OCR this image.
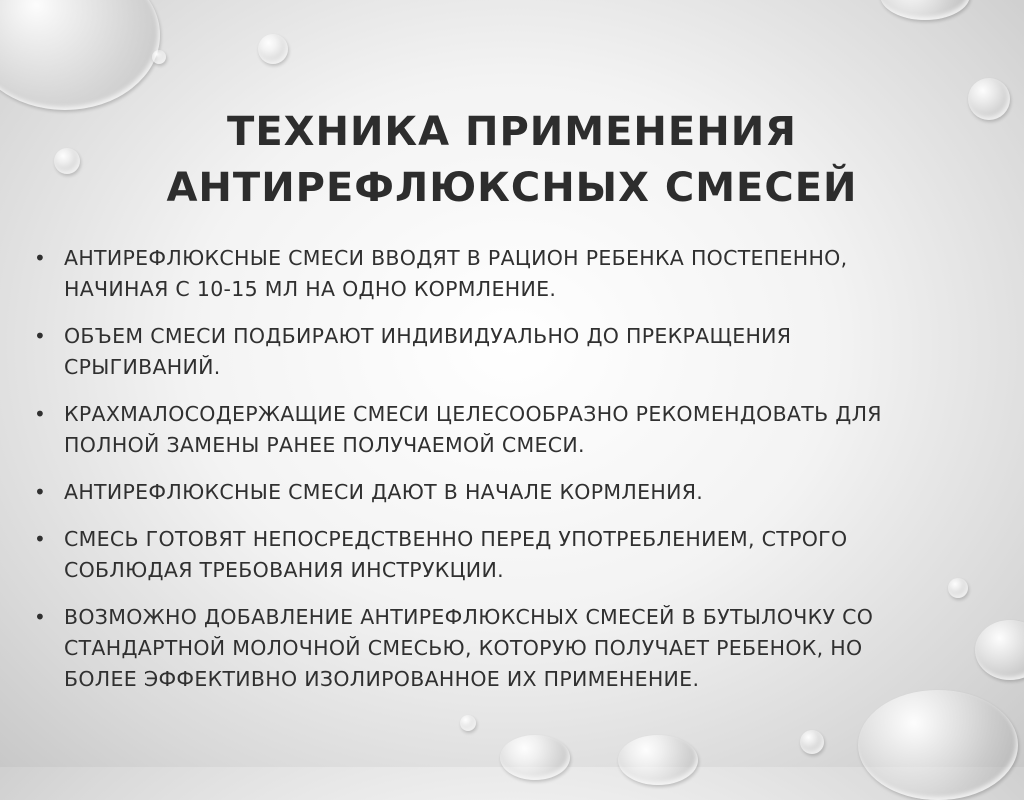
ТЕХНИКА ПРИМЕНЕНИЯ
АНТИРЕФЛЮКСНЫХ СМЕСЕЙ
• АНТИРЕФЛЮКСНЫЕ СМЕСИ ВВОДЯТ В РАЦИОН РЕБЕНКА ПОСТЕПЕННО, НАЧИНАЯ С 10-15 МЛ НА ОДНО КОРМЛЕНИЕ.
• ОБЪЕМ СМЕСИ ПОДБИРАЮТ ИНДИВИДУАЛЬНО ДО ПРЕКРАЩЕНИЯ СРЫГИВАНИЙ.
• КРАХМАЛОСОДЕРЖАЩИЕ СМЕСИ ЦЕЛЕСООБРАЗНО РЕКОМЕНДОВАТЬ ДЛЯ ПОЛНОЙ ЗАМЕНЫ РАНЕЕ ПОЛУЧАЕМОЙ СМЕСИ.
• АНТИРЕФЛЮКСНЫЕ СМЕСИ ДАЮТ В НАЧАЛЕ КОРМЛЕНИЯ.
• СМЕСЬ ГОТОВЯТ НЕПОСРЕДСТВЕННО ПЕРЕД УПОТРЕБЛЕНИЕМ, СТРОГО СОБЛЮДАЯ ТРЕБОВАНИЯ ИНСТРУКЦИИ.
• ВОЗМОЖНО ДОБАВЛЕНИЕ АНТИРЕФЛЮКСНЫХ СМЕСЕЙ В БУТЫЛОЧКУ СО СТАНДАРТНОЙ МОЛОЧНОЙ СМЕСЬЮ, КОТОРУЮ ПОЛУЧАЕТ РЕБЕНОК, НО БОЛЕЕ ЭФФЕКТИВНО ИЗОЛИРОВАННОЕ ИХ ПРИМЕНЕНИЕ.
